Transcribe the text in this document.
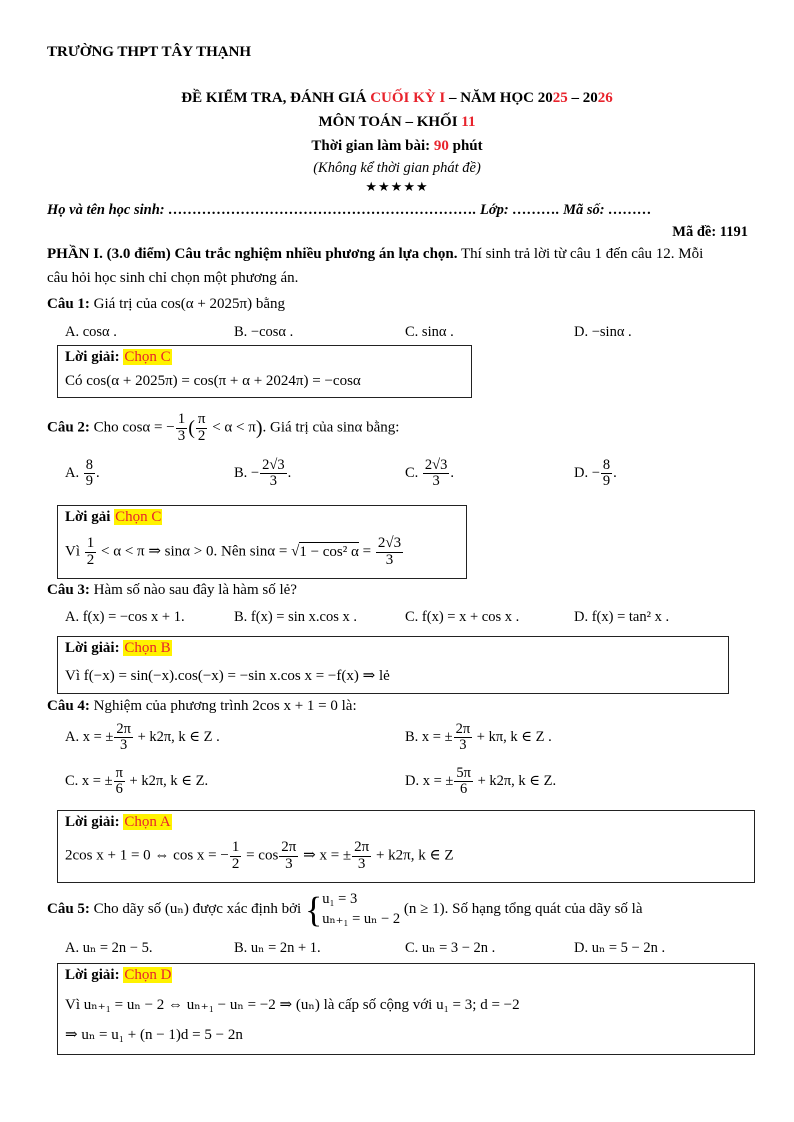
TRƯỜNG THPT TÂY THẠNH
ĐỀ KIỂM TRA, ĐÁNH GIÁ CUỐI KỲ I – NĂM HỌC 2025 – 2026
MÔN TOÁN – KHỐI 11
Thời gian làm bài: 90 phút
(Không kể thời gian phát đề)
★★★★★
Họ và tên học sinh: ………………………………………………………. Lớp: ………. Mã số: ………
Mã đề: 1191
PHẦN I. (3.0 điểm) Câu trắc nghiệm nhiều phương án lựa chọn. Thí sinh trả lời từ câu 1 đến câu 12. Mỗi
câu hỏi học sinh chỉ chọn một phương án.
Câu 1: Giá trị của cos(α + 2025π) bằng
A. cosα .	B. −cosα .	C. sinα .	D. −sinα .
Lời giải: Chọn C
Có cos(α + 2025π) = cos(π + α + 2024π) = −cosα
Câu 2: Cho cosα = − $\frac{1}{3}$ ( $\frac{\pi}{2} < \alpha < \pi$). Giá trị của sinα bằng:
A. $\frac{8}{9}$ .	B. − $\frac{2√3}{3}$ .	C. $\frac{2√3}{3}$ .	D. − $\frac{8}{9}$ .
Lời gải Chọn C
Vì $\frac{1}{2} < \alpha < \pi$ ⇒ sinα > 0. Nên sinα = √1 − cos² $\alpha = \frac{2√3}{3}$
Câu 3: Hàm số nào sau đây là hàm số lẻ?
A. f(x) = −cos x + 1.	B. f(x) = sin x.cos x .	C. f(x) = x + cos x .	D. f(x) = tan² x .
Lời giải: Chọn B
Vì f(−x) = sin(−x).cos(−x) = −sin x.cos x = −f(x) ⇒ lẻ
Câu 4: Nghiệm của phương trình 2cos x + 1 = 0 là:
A. x = ± $\frac{2\pi}{3} + k2\pi$, k ∈ Z .	B. x = ± $\frac{2\pi}{3} + k\pi$, k ∈ Z .
C. x = ± $\frac{\pi}{6} + k2\pi$, k ∈ Z.	D. x = ± $\frac{5\pi}{6} + k2\pi$, k ∈ Z.
Lời giải: Chọn A
2cos x + 1 = 0 ⇔ cos x = − $\frac{1}{2} = \cos \frac{2\pi}{3}$ ⇒ x = ± $\frac{2\pi}{3} + k2\pi$, k ∈ Z
Câu 5: Cho dãy số (uₙ) được xác định bởi { u₁ = 3
uₙ₊₁ = uₙ − 2
(n ≥ 1). Số hạng tổng quát của dãy số là
A. uₙ = 2n − 5.	B. uₙ = 2n + 1.	C. uₙ = 3 − 2n .	D. uₙ = 5 − 2n .
Lời giải: Chọn D
Vì uₙ₊₁ = uₙ − 2 ⇔ uₙ₊₁ − uₙ = −2 ⇒ (uₙ) là cấp số cộng với u₁ = 3; d = −2
⇒ uₙ = u₁ + (n − 1)d = 5 − 2n
